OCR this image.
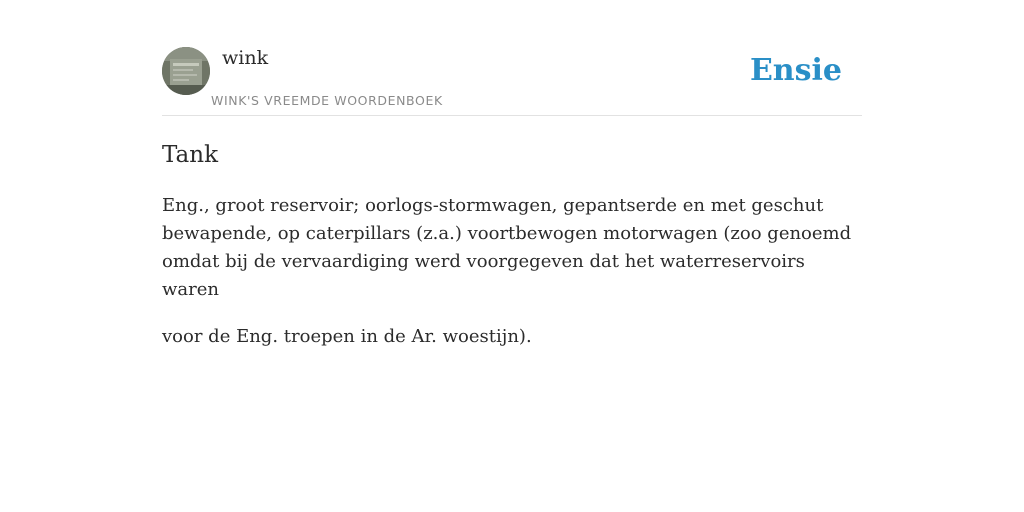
wink
WINK'S VREEMDE WOORDENBOEK
Ensie
Tank

Eng., groot reservoir; oorlogs-stormwagen, gepantserde en met geschut bewapende, op caterpillars (z.a.) voortbewogen motorwagen (zoo genoemd omdat bij de vervaardiging werd voorgegeven dat het waterreservoirs waren

voor de Eng. troepen in de Ar. woestijn).
